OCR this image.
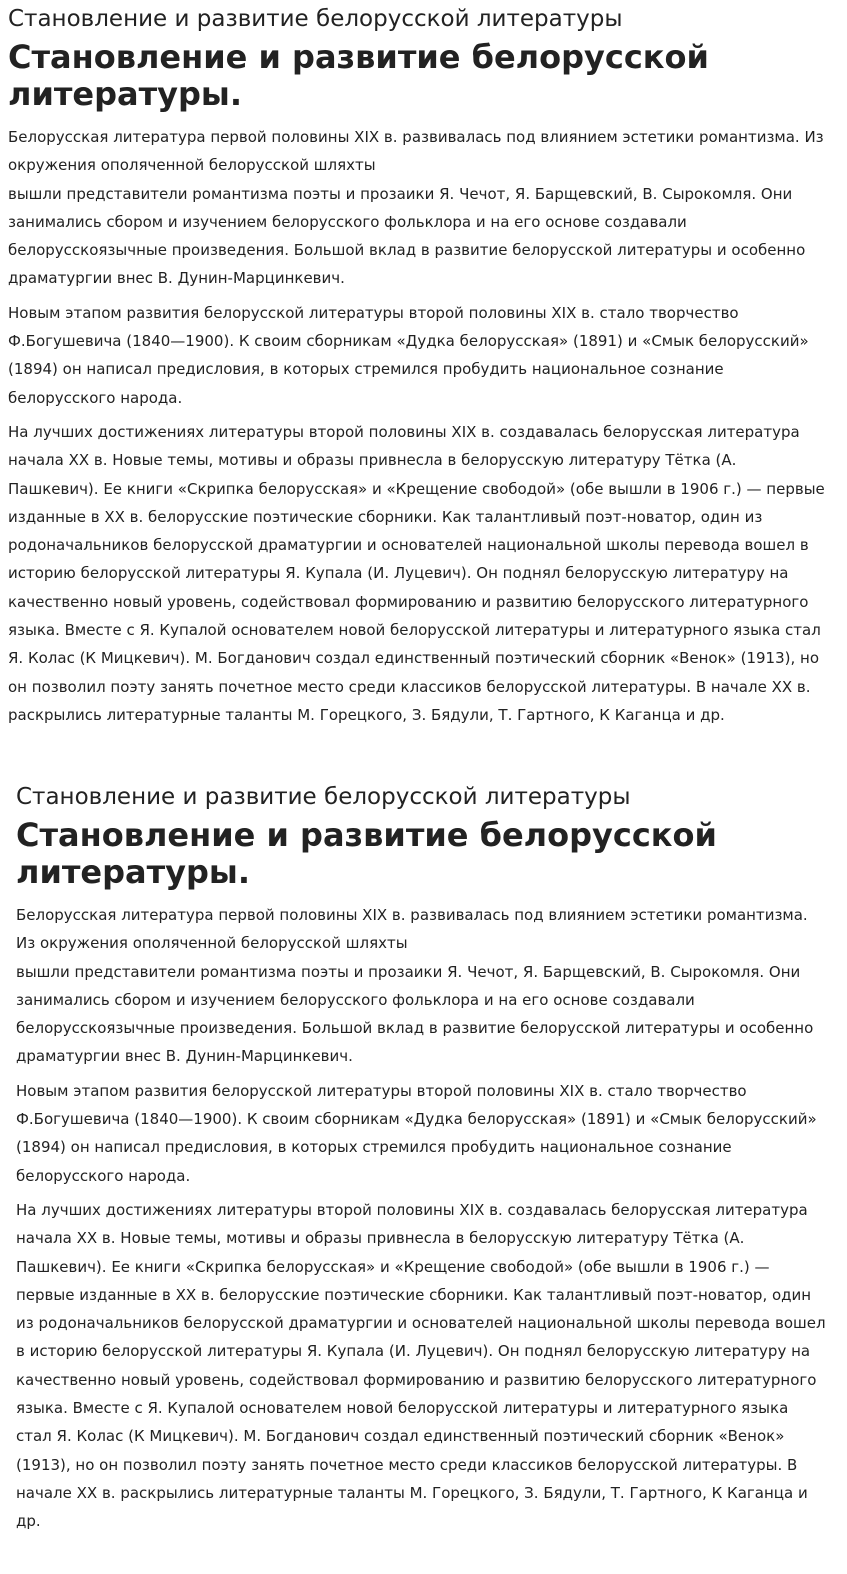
Становление и развитие белорусской литературы
Становление и развитие белорусской литературы.

Белорусская литература первой половины XIX в. развивалась под влиянием эстетики романтизма. Из окружения ополяченной белорусской шляхты
вышли представители романтизма поэты и прозаики Я. Чечот, Я. Барщевский, В. Сырокомля. Они занимались сбором и изучением белорусского фольклора и на его основе создавали белорусскоязычные произведения. Большой вклад в развитие белорусской литературы и особенно драматургии внес В. Дунин-Марцинкевич.

Новым этапом развития белорусской литературы второй половины XIX в. стало творчество Ф.Богушевича (1840—1900). К своим сборникам «Дудка белорусская» (1891) и «Смык белорусский» (1894) он написал предисловия, в которых стремился пробудить национальное сознание белорусского народа.

На лучших достижениях литературы второй половины XIX в. создавалась белорусская литература начала XX в. Новые темы, мотивы и образы привнесла в белорусскую литературу Тётка (А. Пашкевич). Ее книги «Скрипка белорусская» и «Крещение свободой» (обе вышли в 1906 г.) — первые изданные в XX в. белорусские поэтические сборники. Как талантливый поэт-новатор, один из родоначальников белорусской драматургии и основателей национальной школы перевода вошел в историю белорусской литературы Я. Купала (И. Луцевич). Он поднял белорусскую литературу на качественно новый уровень, содействовал формированию и развитию белорусского литературного языка. Вместе с Я. Купалой основателем новой белорусской литературы и литературного языка стал Я. Колас (К Мицкевич). М. Богданович создал единственный поэтический сборник «Венок» (1913), но он позволил поэту занять почетное место среди классиков белорусской литературы. В начале XX в. раскрылись литературные таланты М. Горецкого, З. Бядули, Т. Гартного, К Каганца и др.

Становление и развитие белорусской литературы
Становление и развитие белорусской литературы.

Белорусская литература первой половины XIX в. развивалась под влиянием эстетики романтизма. Из окружения ополяченной белорусской шляхты
вышли представители романтизма поэты и прозаики Я. Чечот, Я. Барщевский, В. Сырокомля. Они занимались сбором и изучением белорусского фольклора и на его основе создавали белорусскоязычные произведения. Большой вклад в развитие белорусской литературы и особенно драматургии внес В. Дунин-Марцинкевич.

Новым этапом развития белорусской литературы второй половины XIX в. стало творчество Ф.Богушевича (1840—1900). К своим сборникам «Дудка белорусская» (1891) и «Смык белорусский» (1894) он написал предисловия, в которых стремился пробудить национальное сознание белорусского народа.

На лучших достижениях литературы второй половины XIX в. создавалась белорусская литература начала XX в. Новые темы, мотивы и образы привнесла в белорусскую литературу Тётка (А. Пашкевич). Ее книги «Скрипка белорусская» и «Крещение свободой» (обе вышли в 1906 г.) — первые изданные в XX в. белорусские поэтические сборники. Как талантливый поэт-новатор, один из родоначальников белорусской драматургии и основателей национальной школы перевода вошел в историю белорусской литературы Я. Купала (И. Луцевич). Он поднял белорусскую литературу на качественно новый уровень, содействовал формированию и развитию белорусского литературного языка. Вместе с Я. Купалой основателем новой белорусской литературы и литературного языка стал Я. Колас (К Мицкевич). М. Богданович создал единственный поэтический сборник «Венок» (1913), но он позволил поэту занять почетное место среди классиков белорусской литературы. В начале XX в. раскрылись литературные таланты М. Горецкого, З. Бядули, Т. Гартного, К Каганца и др.
